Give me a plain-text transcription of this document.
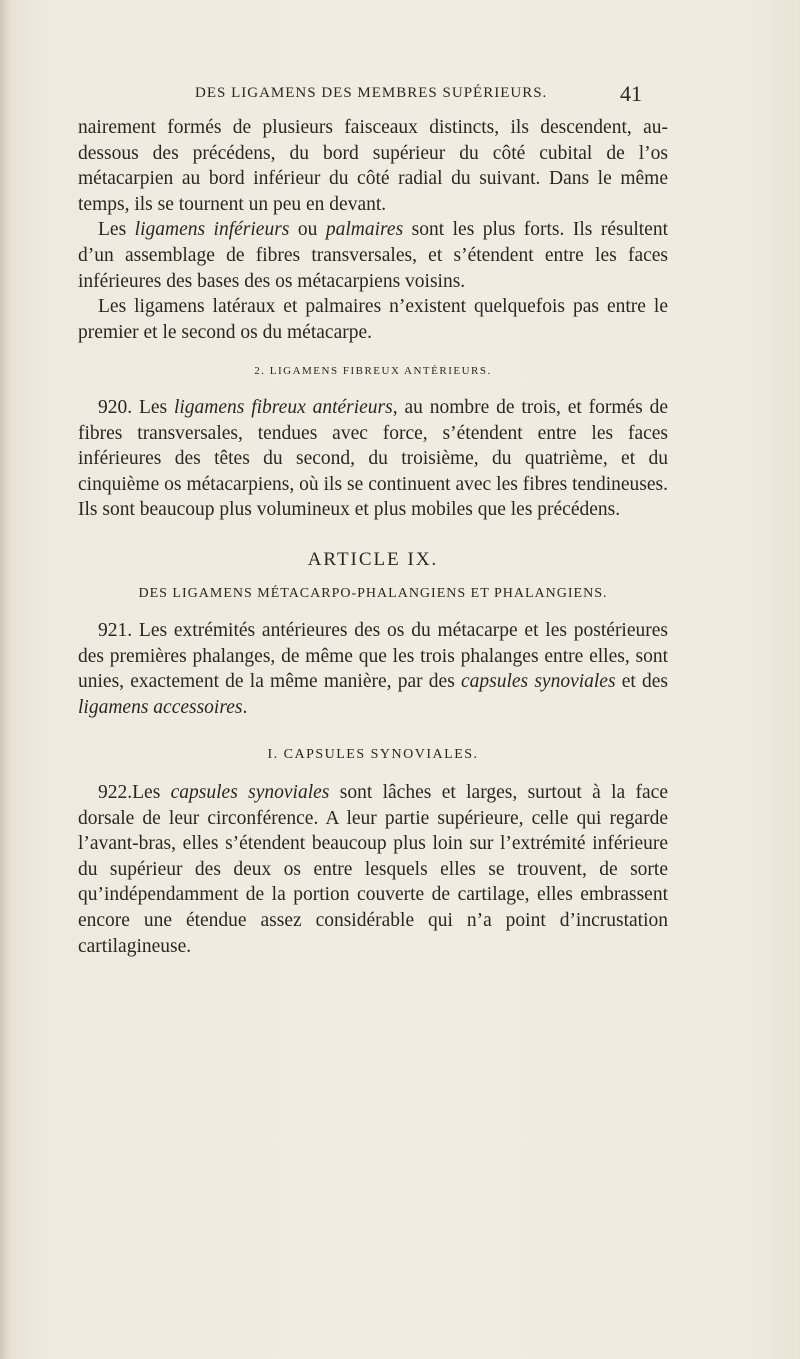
DES LIGAMENS DES MEMBRES SUPÉRIEURS.	41

nairement formés de plusieurs faisceaux distincts, ils descendent, au-dessous des précédens, du bord supérieur du côté cubital de l’os métacarpien au bord inférieur du côté radial du suivant. Dans le même temps, ils se tournent un peu en devant.

Les ligamens inférieurs ou palmaires sont les plus forts. Ils résultent d’un assemblage de fibres transversales, et s’étendent entre les faces inférieures des bases des os métacarpiens voisins.

Les ligamens latéraux et palmaires n’existent quelquefois pas entre le premier et le second os du métacarpe.

2. LIGAMENS FIBREUX ANTÉRIEURS.

920. Les ligamens fibreux antérieurs, au nombre de trois, et formés de fibres transversales, tendues avec force, s’étendent entre les faces inférieures des têtes du second, du troisième, du quatrième, et du cinquième os métacarpiens, où ils se continuent avec les fibres tendineuses. Ils sont beaucoup plus volumineux et plus mobiles que les précédens.

ARTICLE IX.
DES LIGAMENS MÉTACARPO-PHALANGIENS ET PHALANGIENS.

921. Les extrémités antérieures des os du métacarpe et les postérieures des premières phalanges, de même que les trois phalanges entre elles, sont unies, exactement de la même manière, par des capsules synoviales et des ligamens accessoires.

I. CAPSULES SYNOVIALES.

922.Les capsules synoviales sont lâches et larges, surtout à la face dorsale de leur circonférence. A leur partie supérieure, celle qui regarde l’avant-bras, elles s’étendent beaucoup plus loin sur l’extrémité inférieure du supérieur des deux os entre lesquels elles se trouvent, de sorte qu’indépendamment de la portion couverte de cartilage, elles embrassent encore une étendue assez considérable qui n’a point d’incrustation cartilagineuse.
